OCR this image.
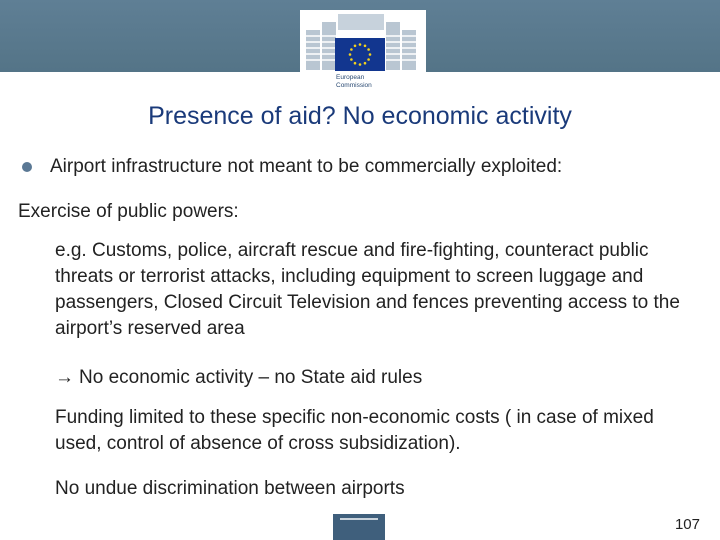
European
Commission
Presence of aid? No economic activity
Airport infrastructure not meant to be commercially exploited:
Exercise of public powers:
e.g. Customs, police, aircraft rescue and fire-fighting, counteract public threats or terrorist attacks, including equipment to screen luggage and passengers, Closed Circuit Television and fences preventing access to the airport’s reserved area
→ No economic activity – no State aid rules
Funding limited to these specific non-economic costs ( in case of mixed used, control of absence of cross subsidization).
No undue discrimination between airports
107
